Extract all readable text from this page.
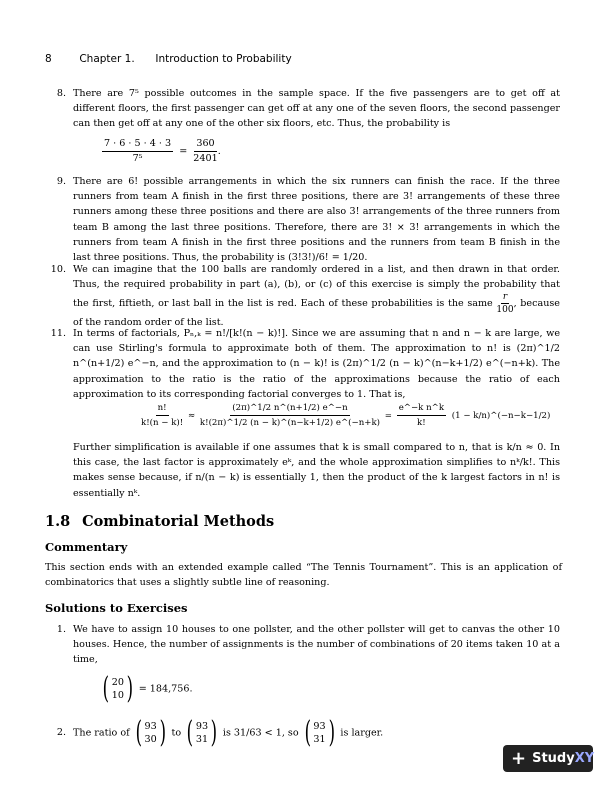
8	Chapter 1. Introduction to Probability
8. There are 7⁵ possible outcomes in the sample space. If the five passengers are to get off at different floors, the first passenger can get off at any one of the seven floors, the second passenger can then get off at any one of the other six floors, etc. Thus, the probability is

$\frac{7 \cdot 6 \cdot 5 \cdot 4 \cdot 3}{\text{7⁵}} = \frac{360}{2401}$ .
9. There are 6! possible arrangements in which the six runners can finish the race. If the three runners from team A finish in the first three positions, there are 3! arrangements of these three runners among these three positions and there are also 3! arrangements of the three runners from team B among the last three positions. Therefore, there are 3! × 3! arrangements in which the runners from team A finish in the first three positions and the runners from team B finish in the last three positions. Thus, the probability is (3!3!)/6! = 1/20.

10. We can imagine that the 100 balls are randomly ordered in a list, and then drawn in that order. Thus, the required probability in part (a), (b), or (c) of this exercise is simply the probability that the first, fiftieth, or last ball in the list is red. Each of these probabilities is the same $\frac{r}{100}$ , because of the random order of the list.

11. In terms of factorials, Pₙ,ₖ = n!/[k!(n − k)!]. Since we are assuming that n and n − k are large, we can use Stirling's formula to approximate both of them. The approximation to n! is (2π)^1/2 n^(n+1/2) e^−n, and the approximation to (n − k)! is (2π)^1/2 (n − k)^(n−k+1/2) e^(−n+k). The approximation to the ratio is the ratio of the approximations because the ratio of each approximation to its corresponding factorial converges to 1. That is,

$\frac{n!}{k!(n - k)!} \approx \frac{(2\pi)\^{}1/2 n\^{}(n+1/2) e\^{}-n}{k!(2\pi)\^{}1/2 (n - k)\^{}(n-k+1/2) e\^{}(-n+k)} = \frac{\text{e\textasciicircum{}−k n\textasciicircum{}k}}{k!} (1$ − k/n)^(−n−k−1/2)

Further simplification is available if one assumes that k is small compared to n, that is k/n ≈ 0. In this case, the last factor is approximately eᵏ, and the whole approximation simplifies to nᵏ/k!. This makes sense because, if n/(n − k) is essentially 1, then the product of the k largest factors in n! is essentially nᵏ.

1.8 Combinatorial Methods
Commentary

This section ends with an extended example called “The Tennis Tournament”. This is an application of combinatorics that uses a slightly subtle line of reasoning.

Solutions to Exercises
1. We have to assign 10 houses to one pollster, and the other pollster will get to canvas the other 10 houses. Hence, the number of assignments is the number of combinations of 20 items taken 10 at a time,

( 20
10 ) = 184,756.
2. The ratio of ( 93
30 ) to ( 93
31 ) is 31/63 < 1, so ( 93
31 ) is larger.
+ StudyXY
